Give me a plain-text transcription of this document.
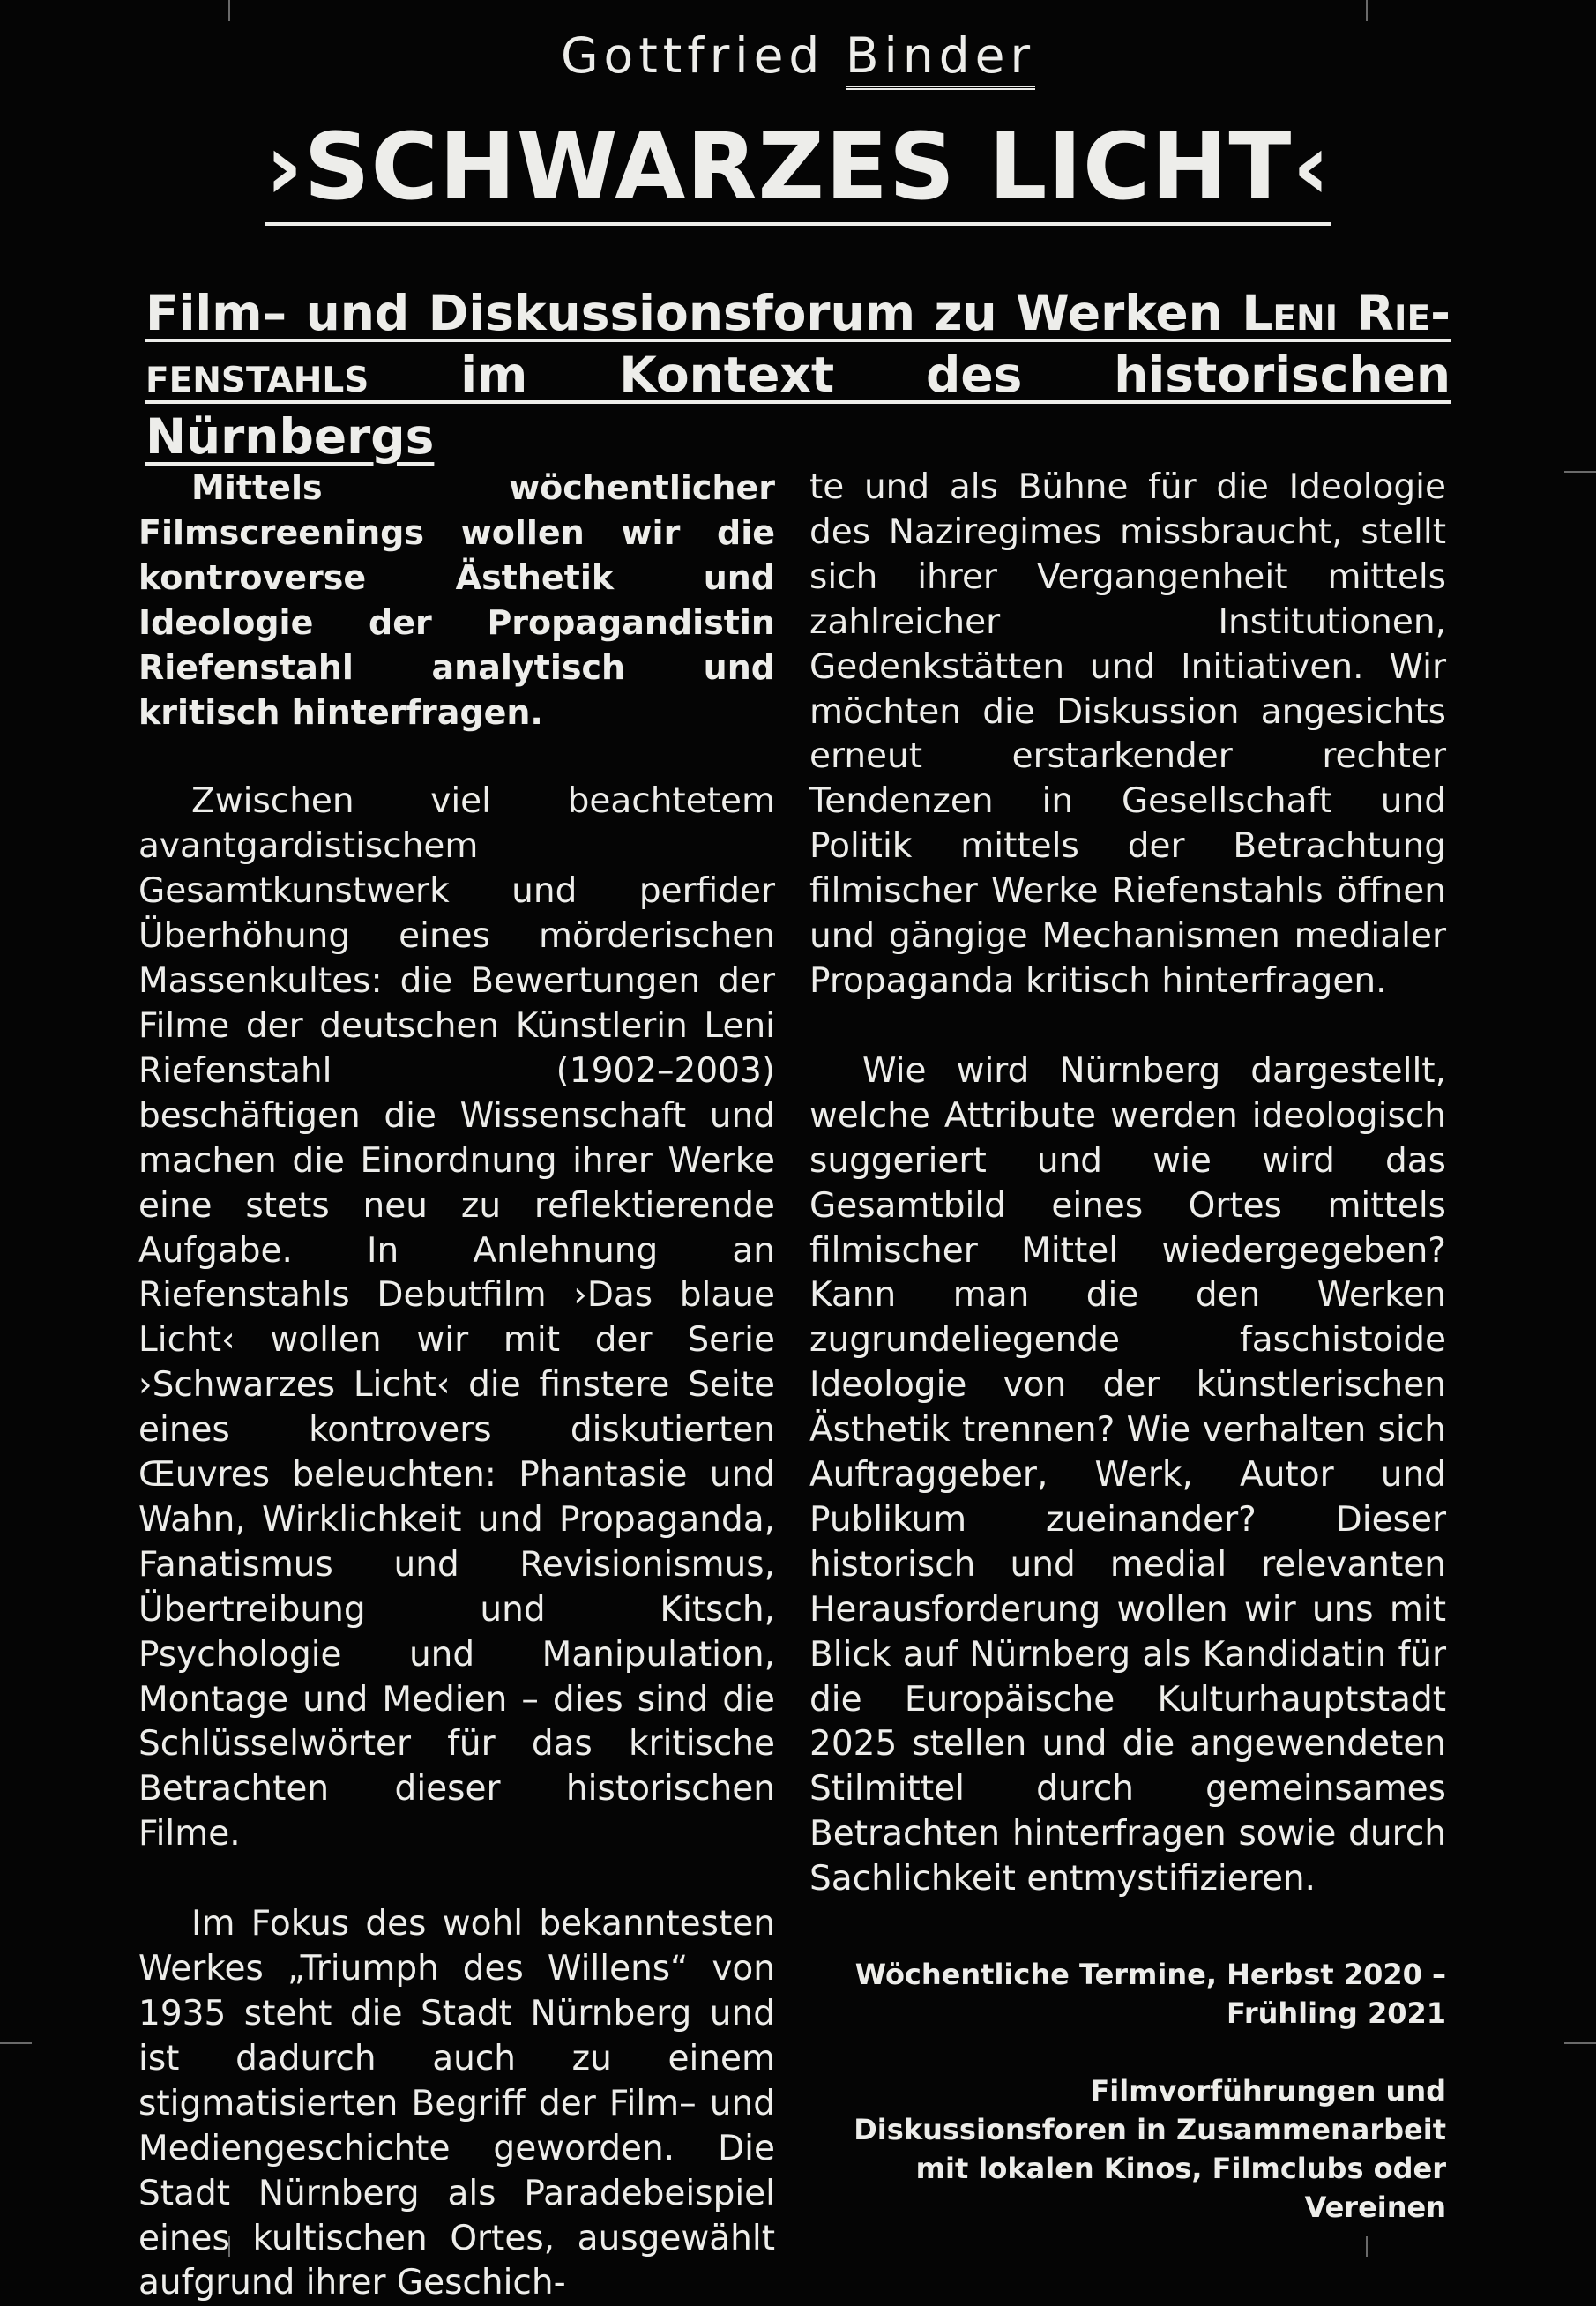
Gottfried Binder
›SCHWARZES LICHT‹
Film– und Diskussionsforum zu Werken Leni Rie-
fenstahls im Kontext des historischen Nürnbergs

Mittels wöchentlicher Filmscreenings wollen wir die kontroverse Ästhetik und Ideologie der Propagandistin Riefenstahl analytisch und kritisch hinterfragen.

Zwischen viel beachtetem avantgardistischem Gesamtkunstwerk und perfider Überhöhung eines mörderischen Massenkultes: die Bewertungen der Filme der deutschen Künstlerin Leni Riefenstahl (1902–2003) beschäftigen die Wissenschaft und machen die Einordnung ihrer Werke eine stets neu zu reflektierende Aufgabe. In Anlehnung an Riefenstahls Debutfilm ›Das blaue Licht‹ wollen wir mit der Serie ›Schwarzes Licht‹ die finstere Seite eines kontrovers diskutierten Œuvres beleuchten: Phantasie und Wahn, Wirklichkeit und Propaganda, Fanatismus und Revisionismus, Übertreibung und Kitsch, Psychologie und Manipulation, Montage und Medien – dies sind die Schlüsselwörter für das kritische Betrachten dieser historischen Filme.

Im Fokus des wohl bekanntesten Werkes „Triumph des Willens“ von 1935 steht die Stadt Nürnberg und ist dadurch auch zu einem stigmatisierten Begriff der Film– und Mediengeschichte geworden. Die Stadt Nürnberg als Paradebeispiel eines kultischen Ortes, ausgewählt aufgrund ihrer Geschich-

te und als Bühne für die Ideologie des Naziregimes missbraucht, stellt sich ihrer Vergangenheit mittels zahlreicher Institutionen, Gedenkstätten und Initiativen. Wir möchten die Diskussion angesichts erneut erstarkender rechter Tendenzen in Gesellschaft und Politik mittels der Betrachtung filmischer Werke Riefenstahls öffnen und gängige Mechanismen medialer Propaganda kritisch hinterfragen.

Wie wird Nürnberg dargestellt, welche Attribute werden ideologisch suggeriert und wie wird das Gesamtbild eines Ortes mittels filmischer Mittel wiedergegeben? Kann man die den Werken zugrundeliegende faschistoide Ideologie von der künstlerischen Ästhetik trennen? Wie verhalten sich Auftraggeber, Werk, Autor und Publikum zueinander? Dieser historisch und medial relevanten Herausforderung wollen wir uns mit Blick auf Nürnberg als Kandidatin für die Europäische Kulturhauptstadt 2025 stellen und die angewendeten Stilmittel durch gemeinsames Betrachten hinterfragen sowie durch Sachlichkeit entmystifizieren.

Wöchentliche Termine, Herbst 2020 – Frühling 2021

Filmvorführungen und Diskussionsforen in Zusammenarbeit mit lokalen Kinos, Filmclubs oder Vereinen
